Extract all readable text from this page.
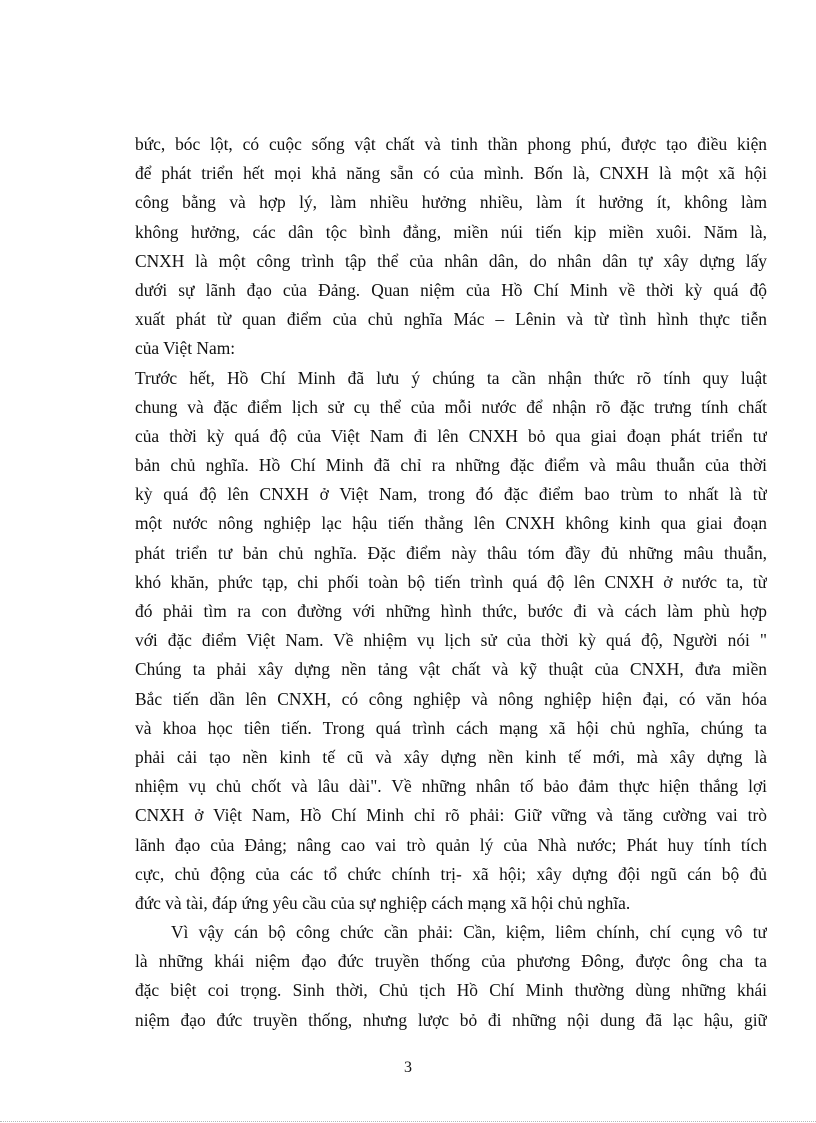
bức, bóc lột, có cuộc sống vật chất và tinh thần phong phú, được tạo điều kiện
để phát triển hết mọi khả năng sẵn có của mình. Bốn là, CNXH là một xã hội
công bằng và hợp lý, làm nhiều hưởng nhiều, làm ít hưởng ít, không làm
không hưởng, các dân tộc bình đẳng, miền núi tiến kịp miền xuôi. Năm là,
CNXH là một công trình tập thể của nhân dân, do nhân dân tự xây dựng lấy
dưới sự lãnh đạo của Đảng. Quan niệm của Hồ Chí Minh về thời kỳ quá độ
xuất phát từ quan điểm của chủ nghĩa Mác – Lênin và từ tình hình thực tiễn
của Việt Nam:
Trước hết, Hồ Chí Minh đã lưu ý chúng ta cần nhận thức rõ tính quy luật
chung và đặc điểm lịch sử cụ thể của mỗi nước để nhận rõ đặc trưng tính chất
của thời kỳ quá độ của Việt Nam đi lên CNXH bỏ qua giai đoạn phát triển tư
bản chủ nghĩa. Hồ Chí Minh đã chỉ ra những đặc điểm và mâu thuẫn của thời
kỳ quá độ lên CNXH ở Việt Nam, trong đó đặc điểm bao trùm to nhất là từ
một nước nông nghiệp lạc hậu tiến thẳng lên CNXH không kinh qua giai đoạn
phát triển tư bản chủ nghĩa. Đặc điểm này thâu tóm đầy đủ những mâu thuẫn,
khó khăn, phức tạp, chi phối toàn bộ tiến trình quá độ lên CNXH ở nước ta, từ
đó phải tìm ra con đường với những hình thức, bước đi và cách làm phù hợp
với đặc điểm Việt Nam. Về nhiệm vụ lịch sử của thời kỳ quá độ, Người nói "
Chúng ta phải xây dựng nền tảng vật chất và kỹ thuật của CNXH, đưa miền
Bắc tiến dần lên CNXH, có công nghiệp và nông nghiệp hiện đại, có văn hóa
và khoa học tiên tiến. Trong quá trình cách mạng xã hội chủ nghĩa, chúng ta
phải cải tạo nền kinh tế cũ và xây dựng nền kinh tế mới, mà xây dựng là
nhiệm vụ chủ chốt và lâu dài". Về những nhân tố bảo đảm thực hiện thắng lợi
CNXH ở Việt Nam, Hồ Chí Minh chỉ rõ phải: Giữ vững và tăng cường vai trò
lãnh đạo của Đảng; nâng cao vai trò quản lý của Nhà nước; Phát huy tính tích
cực, chủ động của các tổ chức chính trị- xã hội; xây dựng đội ngũ cán bộ đủ
đức và tài, đáp ứng yêu cầu của sự nghiệp cách mạng xã hội chủ nghĩa.
Vì vậy cán bộ công chức cần phải: Cần, kiệm, liêm chính, chí cụng vô tư
là những khái niệm đạo đức truyền thống của phương Đông, được ông cha ta
đặc biệt coi trọng. Sinh thời, Chủ tịch Hồ Chí Minh thường dùng những khái
niệm đạo đức truyền thống, nhưng lược bỏ đi những nội dung đã lạc hậu, giữ
3
